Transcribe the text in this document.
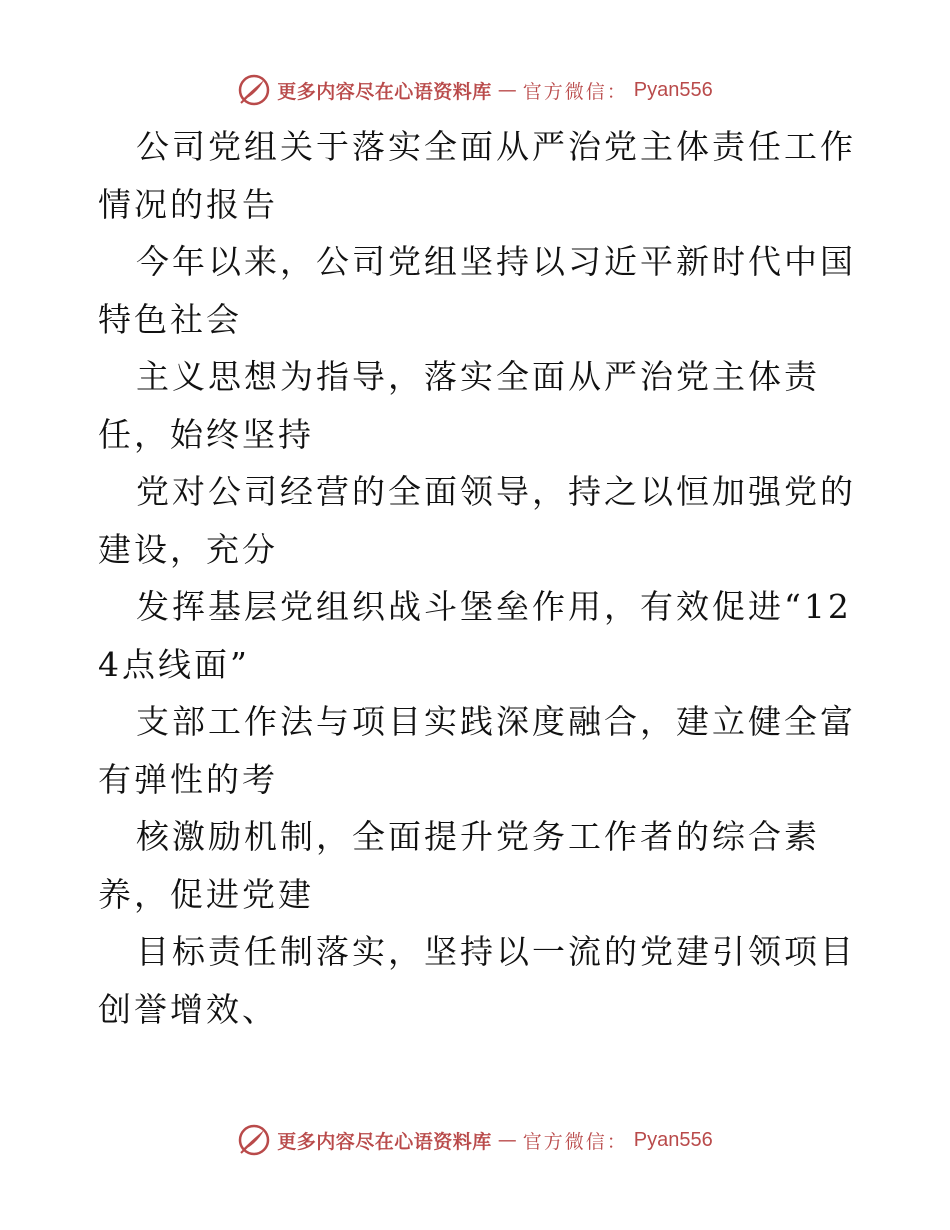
更多内容尽在心语资料库 — 官方微信： Pyan556

公司党组关于落实全面从严治党主体责任工作情况的报告

今年以来，公司党组坚持以习近平新时代中国特色社会

主义思想为指导，落实全面从严治党主体责任，始终坚持

党对公司经营的全面领导，持之以恒加强党的建设，充分

发挥基层党组织战斗堡垒作用，有效促进“124点线面”

支部工作法与项目实践深度融合，建立健全富有弹性的考

核激励机制，全面提升党务工作者的综合素养，促进党建

目标责任制落实，坚持以一流的党建引领项目创誉增效、

更多内容尽在心语资料库 — 官方微信： Pyan556
